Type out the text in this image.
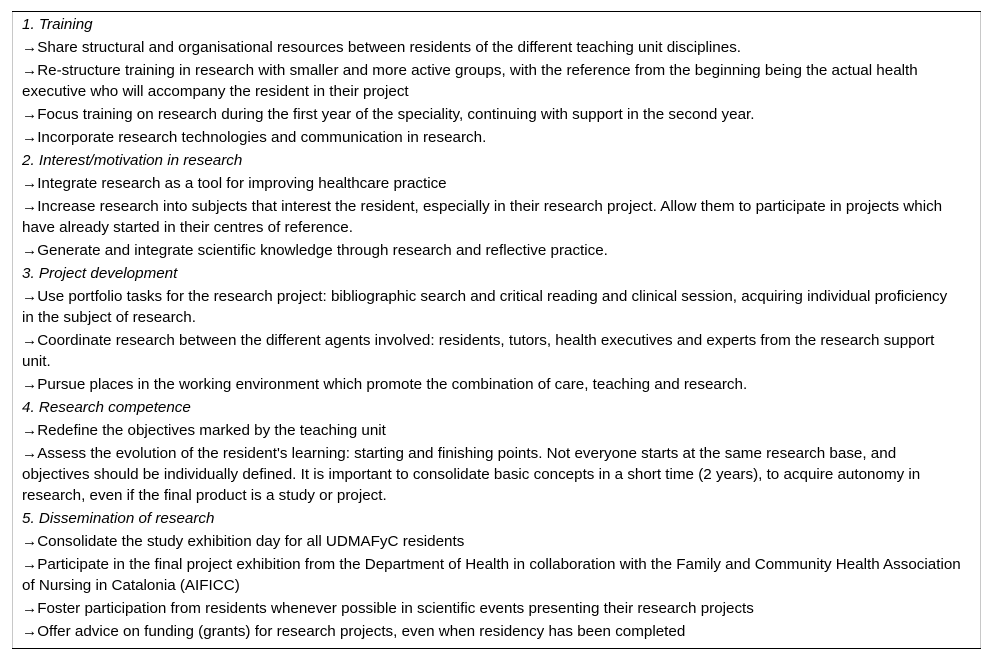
1. Training
→Share structural and organisational resources between residents of the different teaching unit disciplines.
→Re-structure training in research with smaller and more active groups, with the reference from the beginning being the actual health executive who will accompany the resident in their project
→Focus training on research during the first year of the speciality, continuing with support in the second year.
→Incorporate research technologies and communication in research.
2. Interest/motivation in research
→Integrate research as a tool for improving healthcare practice
→Increase research into subjects that interest the resident, especially in their research project. Allow them to participate in projects which have already started in their centres of reference.
→Generate and integrate scientific knowledge through research and reflective practice.
3. Project development
→Use portfolio tasks for the research project: bibliographic search and critical reading and clinical session, acquiring individual proficiency in the subject of research.
→Coordinate research between the different agents involved: residents, tutors, health executives and experts from the research support unit.
→Pursue places in the working environment which promote the combination of care, teaching and research.
4. Research competence
→Redefine the objectives marked by the teaching unit
→Assess the evolution of the resident's learning: starting and finishing points. Not everyone starts at the same research base, and objectives should be individually defined. It is important to consolidate basic concepts in a short time (2 years), to acquire autonomy in research, even if the final product is a study or project.
5. Dissemination of research
→Consolidate the study exhibition day for all UDMAFyC residents
→Participate in the final project exhibition from the Department of Health in collaboration with the Family and Community Health Association of Nursing in Catalonia (AIFICC)
→Foster participation from residents whenever possible in scientific events presenting their research projects
→Offer advice on funding (grants) for research projects, even when residency has been completed
